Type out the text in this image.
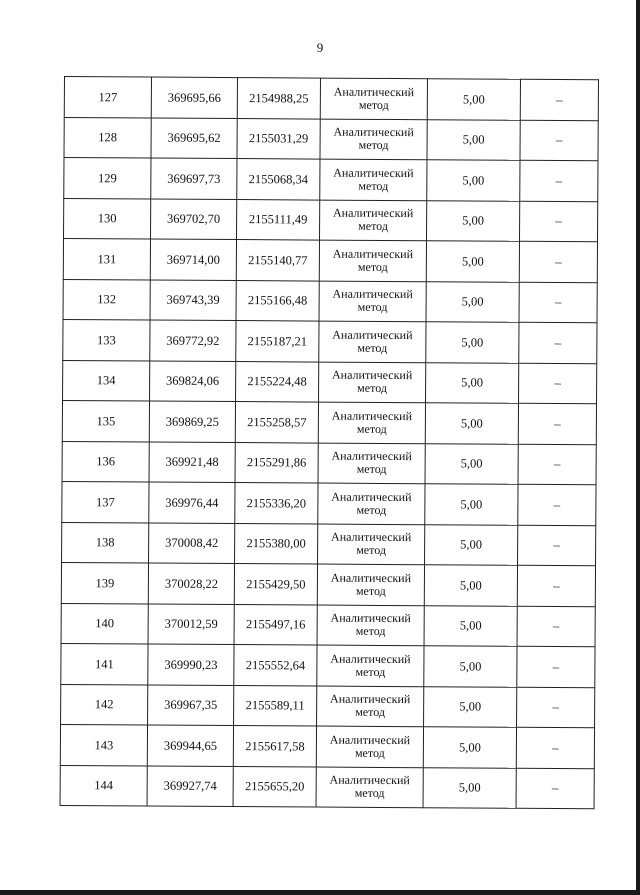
9
127	369695,66	2154988,25	Аналитический метод	5,00	–
128	369695,62	2155031,29	Аналитический метод	5,00	–
129	369697,73	2155068,34	Аналитический метод	5,00	–
130	369702,70	2155111,49	Аналитический метод	5,00	–
131	369714,00	2155140,77	Аналитический метод	5,00	–
132	369743,39	2155166,48	Аналитический метод	5,00	–
133	369772,92	2155187,21	Аналитический метод	5,00	–
134	369824,06	2155224,48	Аналитический метод	5,00	–
135	369869,25	2155258,57	Аналитический метод	5,00	–
136	369921,48	2155291,86	Аналитический метод	5,00	–
137	369976,44	2155336,20	Аналитический метод	5,00	–
138	370008,42	2155380,00	Аналитический метод	5,00	–
139	370028,22	2155429,50	Аналитический метод	5,00	–
140	370012,59	2155497,16	Аналитический метод	5,00	–
141	369990,23	2155552,64	Аналитический метод	5,00	–
142	369967,35	2155589,11	Аналитический метод	5,00	–
143	369944,65	2155617,58	Аналитический метод	5,00	–
144	369927,74	2155655,20	Аналитический метод	5,00	–
